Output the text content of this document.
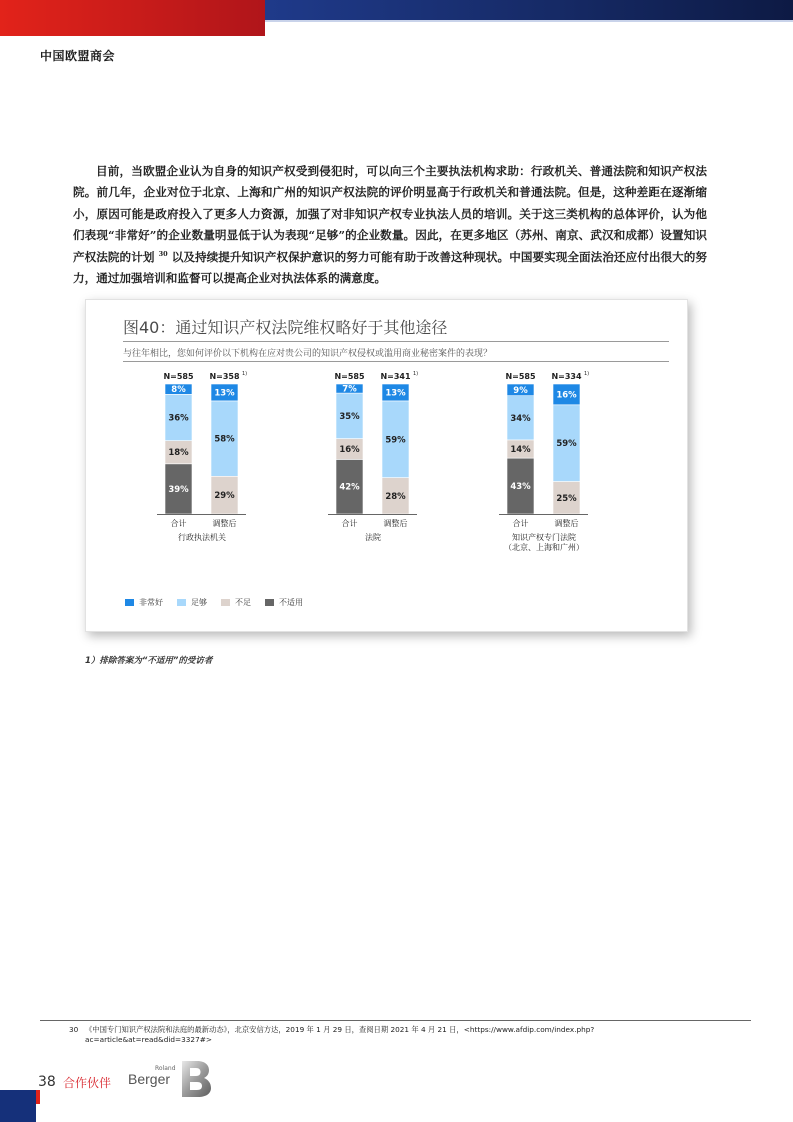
中国欧盟商会

目前，当欧盟企业认为自身的知识产权受到侵犯时，可以向三个主要执法机构求助：行政机关、普通法院和知识产权法院。前几年，企业对位于北京、上海和广州的知识产权法院的评价明显高于行政机关和普通法院。但是，这种差距在逐渐缩小，原因可能是政府投入了更多人力资源，加强了对非知识产权专业执法人员的培训。关于这三类机构的总体评价，认为他们表现“非常好”的企业数量明显低于认为表现“足够”的企业数量。因此，在更多地区（苏州、南京、武汉和成都）设置知识产权法院的计划 $^{30}$ 以及持续提升知识产权保护意识的努力可能有助于改善这种现状。中国要实现全面法治还应付出很大的努力，通过加强培训和监督可以提高企业对执法体系的满意度。

图40：通过知识产权法院维权略好于其他途径
与往年相比，您如何评价以下机构在应对贵公司的知识产权侵权或滥用商业秘密案件的表现？
39%
18%
36%
8%
N=585
合计
29%
58%
13%
N=358 1)
调整后
行政执法机关
42%
16%
35%
7%
N=585
合计
28%
59%
13%
N=341 1)
调整后
法院
43%
14%
34%
9%
N=585
合计
25%
59%
16%
N=334 1)
调整后
知识产权专门法院
（北京、上海和广州）
非常好	足够	不足	不适用
1）排除答案为“不适用”的受访者
30 《中国专门知识产权法院和法庭的最新动态》，北京安信方达，2019 年 1 月 29 日，查阅日期 2021 年 4 月 21 日，<https://www.afdip.com/index.php?ac=article&at=read&did=3327#>
38 合作伙伴
Roland
Berger
